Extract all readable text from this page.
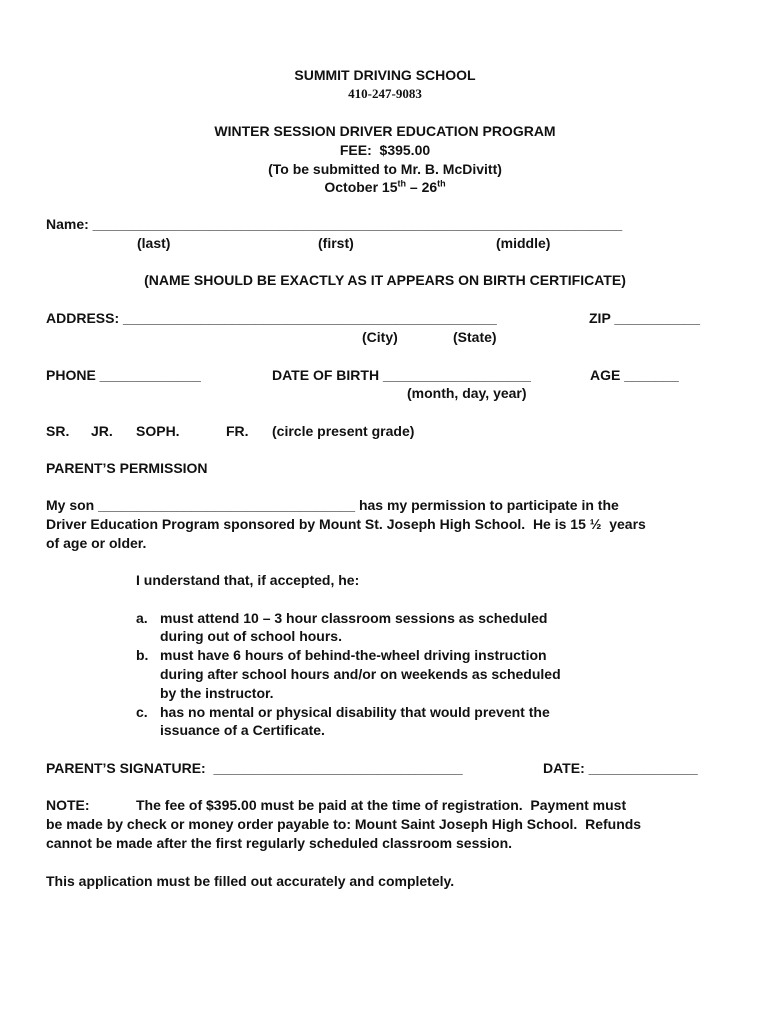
SUMMIT DRIVING SCHOOL
410-247-9083
WINTER SESSION DRIVER EDUCATION PROGRAM
FEE:  $395.00
(To be submitted to Mr. B. McDivitt)
October 15th – 26th
Name: ____________________________________________________________________
(last)	(first)	(middle)
(NAME SHOULD BE EXACTLY AS IT APPEARS ON BIRTH CERTIFICATE)
ADDRESS: ________________________________________________	ZIP ___________
(City)	(State)
PHONE _____________	DATE OF BIRTH ___________________	AGE _______
(month, day, year)
SR. JR. SOPH.	FR. (circle present grade)
PARENT’S PERMISSION
My son _________________________________ has my permission to participate in the
Driver Education Program sponsored by Mount St. Joseph High School.  He is 15 ½  years
of age or older.
I understand that, if accepted, he:
a. must attend 10 – 3 hour classroom sessions as scheduled
during out of school hours.
b. must have 6 hours of behind-the-wheel driving instruction
during after school hours and/or on weekends as scheduled
by the instructor.
c. has no mental or physical disability that would prevent the
issuance of a Certificate.
PARENT’S SIGNATURE:  ________________________________	DATE: ______________
NOTE:	The fee of $395.00 must be paid at the time of registration.  Payment must
be made by check or money order payable to: Mount Saint Joseph High School.  Refunds
cannot be made after the first regularly scheduled classroom session.
This application must be filled out accurately and completely.
